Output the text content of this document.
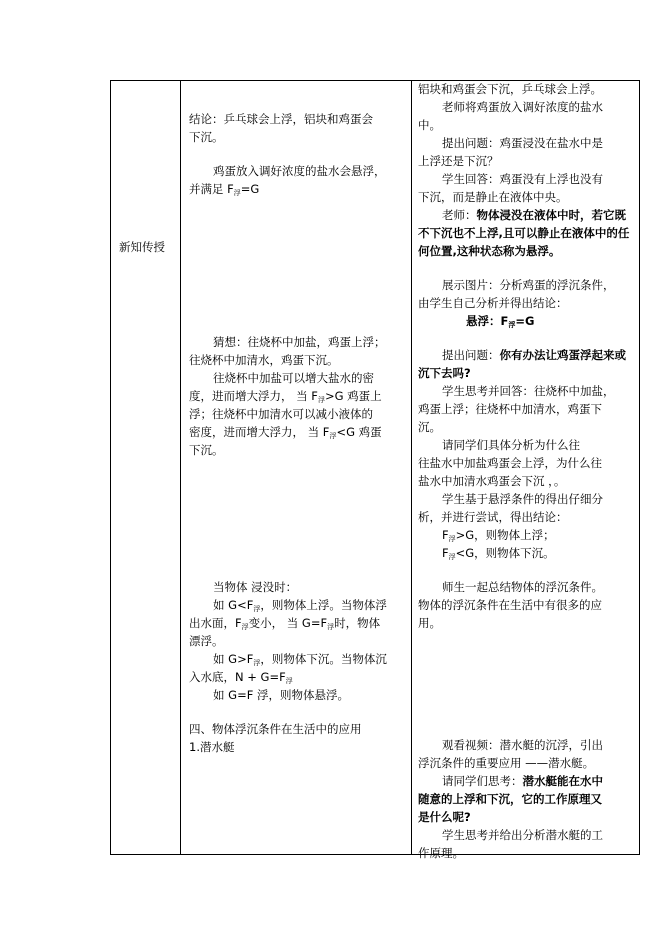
新知传授
结论：乒乓球会上浮，铝块和鸡蛋会
下沉。
鸡蛋放入调好浓度的盐水会悬浮，
并满足 $F_浮=G$
猜想：往烧杯中加盐，鸡蛋上浮；
往烧杯中加清水，鸡蛋下沉。
往烧杯中加盐可以增大盐水的密
度，进而增大浮力， 当 $F_浮>G$ 鸡蛋上
浮；往烧杯中加清水可以减小液体的
密度，进而增大浮力， 当 $F_浮<G$ 鸡蛋
下沉。
当物体 浸没时：
如 $G<F_浮$，则物体上浮。当物体浮
出水面，$F_浮$变小， 当 $G=F_浮$时，物体
漂浮。
如 $G>F_浮$，则物体下沉。当物体沉
入水底，$N + G=F_浮$
如 G=F 浮，则物体悬浮。
四、物体浮沉条件在生活中的应用
1.潜水艇
铝块和鸡蛋会下沉，乒乓球会上浮。
老师将鸡蛋放入调好浓度的盐水
中。
提出问题：鸡蛋浸没在盐水中是
上浮还是下沉？
学生回答：鸡蛋没有上浮也没有
下沉，而是静止在液体中央。
老师：物体浸没在液体中时，若它既
不下沉也不上浮,且可以静止在液体中的任
何位置,这种状态称为悬浮。
展示图片：分析鸡蛋的浮沉条件，
由学生自己分析并得出结论：
悬浮：$F_浮=G$
提出问题：你有办法让鸡蛋浮起来或
沉下去吗?
学生思考并回答：往烧杯中加盐，
鸡蛋上浮；往烧杯中加清水，鸡蛋下
沉。
请同学们具体分析为什么往
往盐水中加盐鸡蛋会上浮，为什么往
盐水中加清水鸡蛋会下沉 ，。
学生基于悬浮条件的得出仔细分
析，并进行尝试，得出结论：
$F_浮>G$，则物体上浮；
$F_浮<G$，则物体下沉。
师生一起总结物体的浮沉条件。
物体的浮沉条件在生活中有很多的应
用。
观看视频：潜水艇的沉浮，引出
浮沉条件的重要应用 ——潜水艇。
请同学们思考：潜水艇能在水中
随意的上浮和下沉，它的工作原理又
是什么呢?
学生思考并给出分析潜水艇的工
作原理。
